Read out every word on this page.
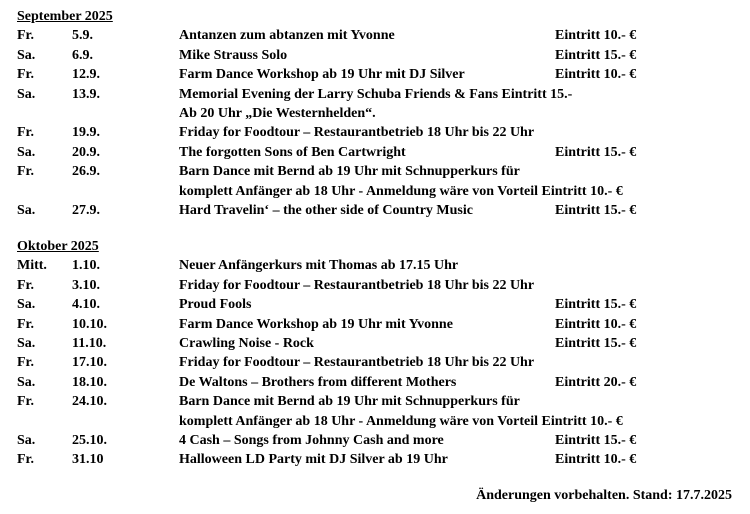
Änderungen vorbehalten. Stand: 17.7.2025
September 2025
Fr.	5.9.	Antanzen zum abtanzen mit Yvonne	Eintritt 10.- €
Sa.	6.9.	Mike Strauss Solo	Eintritt 15.- €
Fr.	12.9.	Farm Dance Workshop ab 19 Uhr mit DJ Silver	Eintritt 10.- €
Sa.	13.9.	Memorial Evening der Larry Schuba Friends & Fans Eintritt 15.-
Ab 20 Uhr „Die Westernhelden“.
Fr.	19.9.	Friday for Foodtour – Restaurantbetrieb 18 Uhr bis 22 Uhr
Sa.	20.9.	The forgotten Sons of Ben Cartwright	Eintritt 15.- €
Fr.	26.9.	Barn Dance mit Bernd ab 19 Uhr mit Schnupperkurs für
komplett Anfänger ab 18 Uhr - Anmeldung wäre von Vorteil Eintritt 10.- €
Sa.	27.9.	Hard Travelin‘ – the other side of Country Music	Eintritt 15.- €
Oktober 2025
Mitt. 1.10.	Neuer Anfängerkurs mit Thomas ab 17.15 Uhr
Fr.	3.10.	Friday for Foodtour – Restaurantbetrieb 18 Uhr bis 22 Uhr
Sa.	4.10.	Proud Fools	Eintritt 15.- €
Fr.	10.10.	Farm Dance Workshop ab 19 Uhr mit Yvonne	Eintritt 10.- €
Sa.	11.10.	Crawling Noise - Rock	Eintritt 15.- €
Fr.	17.10.	Friday for Foodtour – Restaurantbetrieb 18 Uhr bis 22 Uhr
Sa.	18.10.	De Waltons – Brothers from different Mothers	Eintritt 20.- €
Fr.	24.10.	Barn Dance mit Bernd ab 19 Uhr mit Schnupperkurs für
komplett Anfänger ab 18 Uhr - Anmeldung wäre von Vorteil Eintritt 10.- €
Sa.	25.10.	4 Cash – Songs from Johnny Cash and more	Eintritt 15.- €
Fr.	31.10	Halloween LD Party mit DJ Silver ab 19 Uhr	Eintritt 10.- €
